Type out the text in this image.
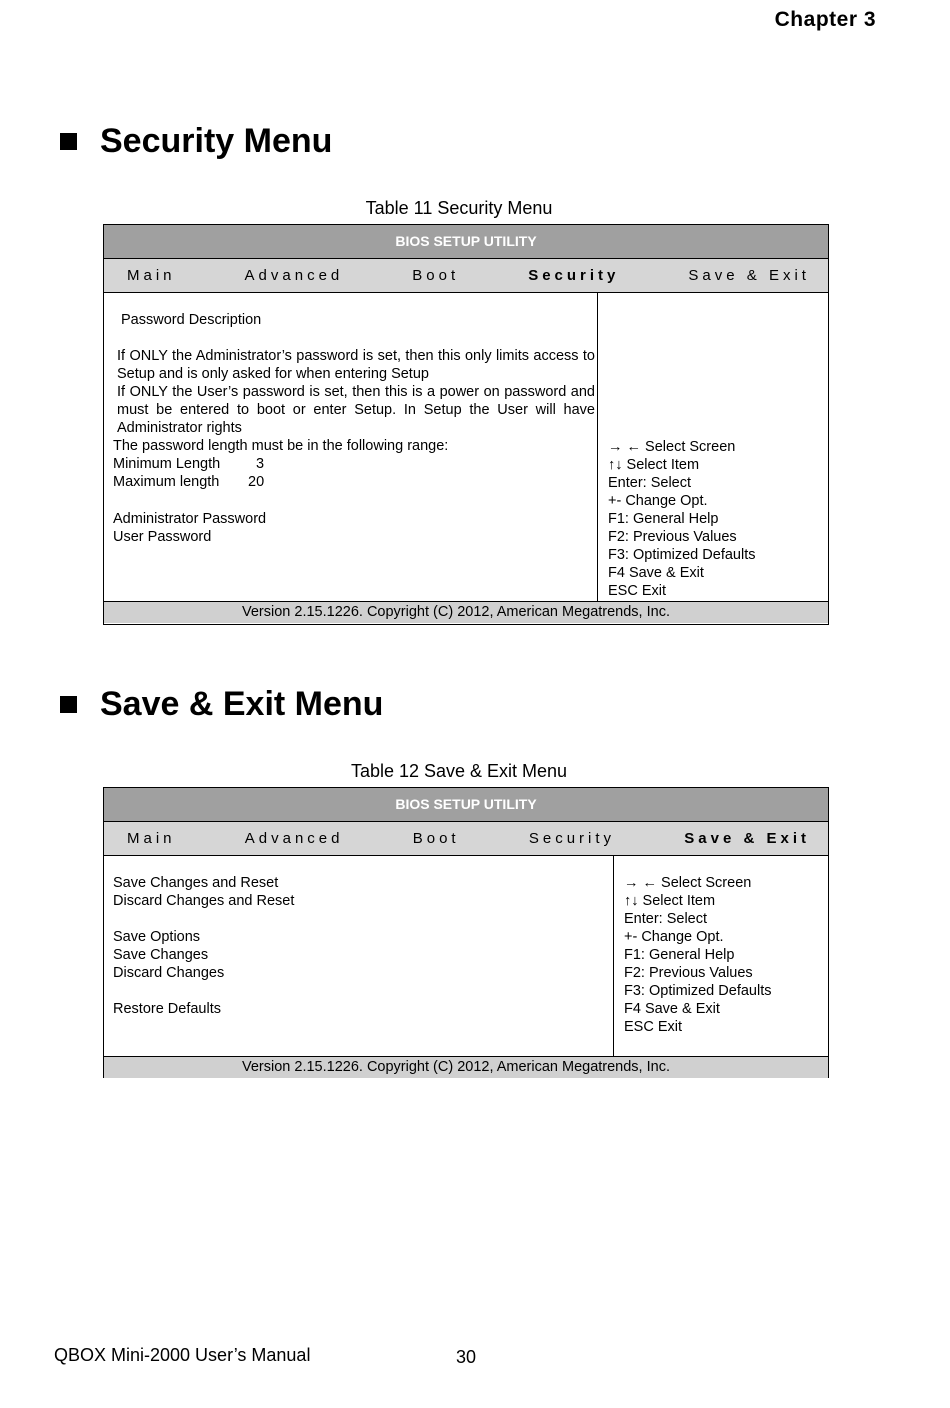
Chapter 3
Security Menu
Table 11 Security Menu
BIOS SETUP UTILITY
Main	Advanced	Boot	Security	Save & Exit
Password Description
If ONLY the Administrator’s password is set, then this only limits access to
Setup and is only asked for when entering Setup
If ONLY the User’s password is set, then this is a power on password and
must be entered to boot or enter Setup. In Setup the User will have
Administrator rights
The password length must be in the following range:
Minimum Length 3
Maximum length 20
Administrator Password
User Password
→ ← Select Screen
↑↓ Select Item
Enter: Select
+- Change Opt.
F1: General Help
F2: Previous Values
F3: Optimized Defaults
F4 Save & Exit
ESC Exit
Version 2.15.1226. Copyright (C) 2012, American Megatrends, Inc.
Save & Exit Menu
Table 12 Save & Exit Menu
BIOS SETUP UTILITY
Main	Advanced	Boot	Security	Save & Exit
Save Changes and Reset
Discard Changes and Reset
Save Options
Save Changes
Discard Changes
Restore Defaults
→ ← Select Screen
↑↓ Select Item
Enter: Select
+- Change Opt.
F1: General Help
F2: Previous Values
F3: Optimized Defaults
F4 Save & Exit
ESC Exit
Version 2.15.1226. Copyright (C) 2012, American Megatrends, Inc.
QBOX Mini-2000 User’s Manual	30
